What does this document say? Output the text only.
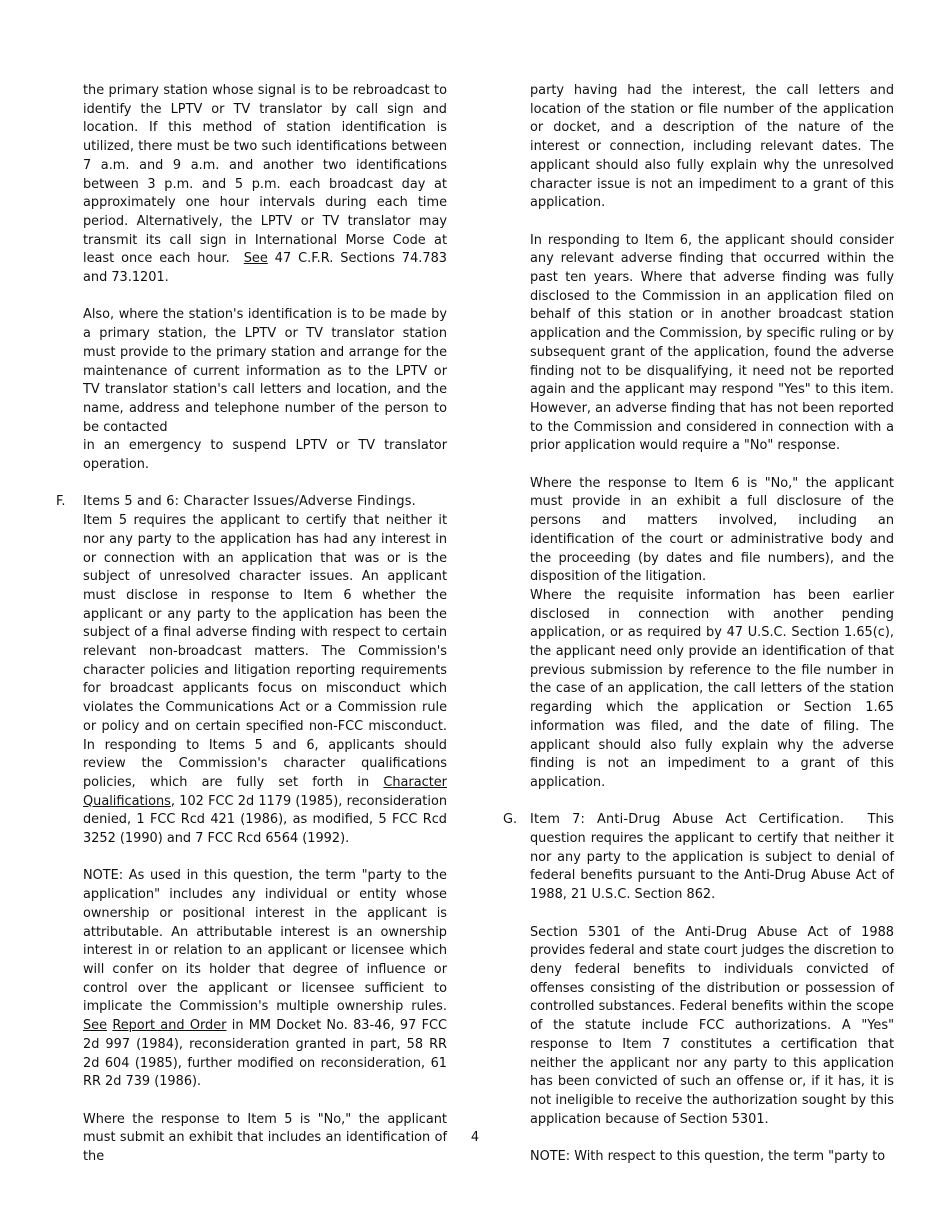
the primary station whose signal is to be rebroadcast to identify the LPTV or TV translator by call sign and location. If this method of station identification is utilized, there must be two such identifications between 7 a.m. and 9 a.m. and another two identifications between 3 p.m. and 5 p.m. each broadcast day at approximately one hour intervals during each time period. Alternatively, the LPTV or TV translator may transmit its call sign in International Morse Code at least once each hour. See 47 C.F.R. Sections 74.783 and 73.1201.

Also, where the station's identification is to be made by a primary station, the LPTV or TV translator station must provide to the primary station and arrange for the maintenance of current information as to the LPTV or TV translator station's call letters and location, and the name, address and telephone number of the person to be contacted

in an emergency to suspend LPTV or TV translator operation.

F. Items 5 and 6: Character Issues/Adverse Findings.
Item 5 requires the applicant to certify that neither it nor any party to the application has had any interest in or connection with an application that was or is the subject of unresolved character issues. An applicant must disclose in response to Item 6 whether the applicant or any party to the application has been the subject of a final adverse finding with respect to certain relevant non-broadcast matters. The Commission's character policies and litigation reporting requirements for broadcast applicants focus on misconduct which violates the Communications Act or a Commission rule or policy and on certain specified non-FCC misconduct. In responding to Items 5 and 6, applicants should review the Commission's character qualifications policies, which are fully set forth in Character Qualifications, 102 FCC 2d 1179 (1985), reconsideration denied, 1 FCC Rcd 421 (1986), as modified, 5 FCC Rcd 3252 (1990) and 7 FCC Rcd 6564 (1992).

NOTE: As used in this question, the term "party to the application" includes any individual or entity whose ownership or positional interest in the applicant is attributable. An attributable interest is an ownership interest in or relation to an applicant or licensee which will confer on its holder that degree of influence or control over the applicant or licensee sufficient to implicate the Commission's multiple ownership rules. See Report and Order in MM Docket No. 83-46, 97 FCC 2d 997 (1984), reconsideration granted in part, 58 RR 2d 604 (1985), further modified on reconsideration, 61 RR 2d 739 (1986).

Where the response to Item 5 is "No," the applicant must submit an exhibit that includes an identification of the

party having had the interest, the call letters and location of the station or file number of the application or docket, and a description of the nature of the interest or connection, including relevant dates. The applicant should also fully explain why the unresolved character issue is not an impediment to a grant of this application.

In responding to Item 6, the applicant should consider any relevant adverse finding that occurred within the past ten years. Where that adverse finding was fully disclosed to the Commission in an application filed on behalf of this station or in another broadcast station application and the Commission, by specific ruling or by subsequent grant of the application, found the adverse finding not to be disqualifying, it need not be reported again and the applicant may respond "Yes" to this item. However, an adverse finding that has not been reported to the Commission and considered in connection with a prior application would require a "No" response.

Where the response to Item 6 is "No," the applicant must provide in an exhibit a full disclosure of the persons and matters involved, including an identification of the court or administrative body and the proceeding (by dates and file numbers), and the disposition of the litigation.
Where the requisite information has been earlier disclosed in connection with another pending application, or as required by 47 U.S.C. Section 1.65(c), the applicant need only provide an identification of that previous submission by reference to the file number in the case of an application, the call letters of the station regarding which the application or Section 1.65 information was filed, and the date of filing. The applicant should also fully explain why the adverse finding is not an impediment to a grant of this application.

G. Item 7: Anti-Drug Abuse Act Certification. This question requires the applicant to certify that neither it nor any party to the application is subject to denial of federal benefits pursuant to the Anti-Drug Abuse Act of 1988, 21 U.S.C. Section 862.

Section 5301 of the Anti-Drug Abuse Act of 1988 provides federal and state court judges the discretion to deny federal benefits to individuals convicted of offenses consisting of the distribution or possession of controlled substances. Federal benefits within the scope of the statute include FCC authorizations. A "Yes" response to Item 7 constitutes a certification that neither the applicant nor any party to this application has been convicted of such an offense or, if it has, it is not ineligible to receive the authorization sought by this application because of Section 5301.

NOTE: With respect to this question, the term "party to

4
